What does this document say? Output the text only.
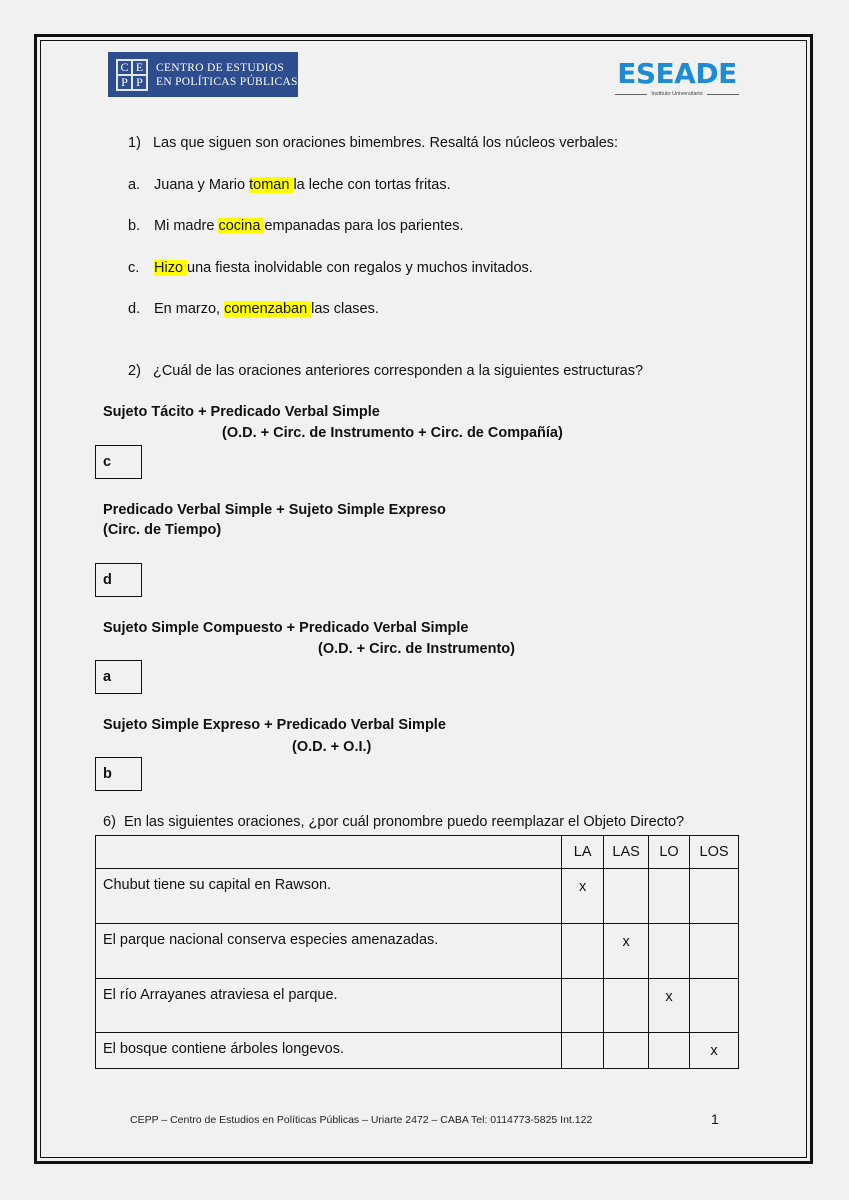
C E
P P
CENTRO DE ESTUDIOS
EN POLÍTICAS PÚBLICAS	ESEADE
Instituto Universitario
1)   Las que siguen son oraciones bimembres. Resaltá los núcleos verbales:
a. Juana y Mario toman la leche con tortas fritas.
b. Mi madre cocina empanadas para los parientes.
c. Hizo una fiesta inolvidable con regalos y muchos invitados.
d. En marzo, comenzaban las clases.
2)   ¿Cuál de las oraciones anteriores corresponden a la siguientes estructuras?
Sujeto Tácito + Predicado Verbal Simple
(O.D. + Circ. de Instrumento + Circ. de Compañía)
c
Predicado Verbal Simple + Sujeto Simple Expreso
(Circ. de Tiempo)
d
Sujeto Simple Compuesto + Predicado Verbal Simple
(O.D. + Circ. de Instrumento)
a
Sujeto Simple Expreso + Predicado Verbal Simple
(O.D. + O.I.)
b
6)  En las siguientes oraciones, ¿por cuál pronombre puedo reemplazar el Objeto Directo?
	LA	LAS	LO	LOS
Chubut tiene su capital en Rawson.	x			
El parque nacional conserva especies amenazadas.		x		
El río Arrayanes atraviesa el parque.			x	
El bosque contiene árboles longevos.				x
CEPP – Centro de Estudios en Políticas Públicas – Uriarte 2472 – CABA Tel: 0114773-5825 Int.122	1
